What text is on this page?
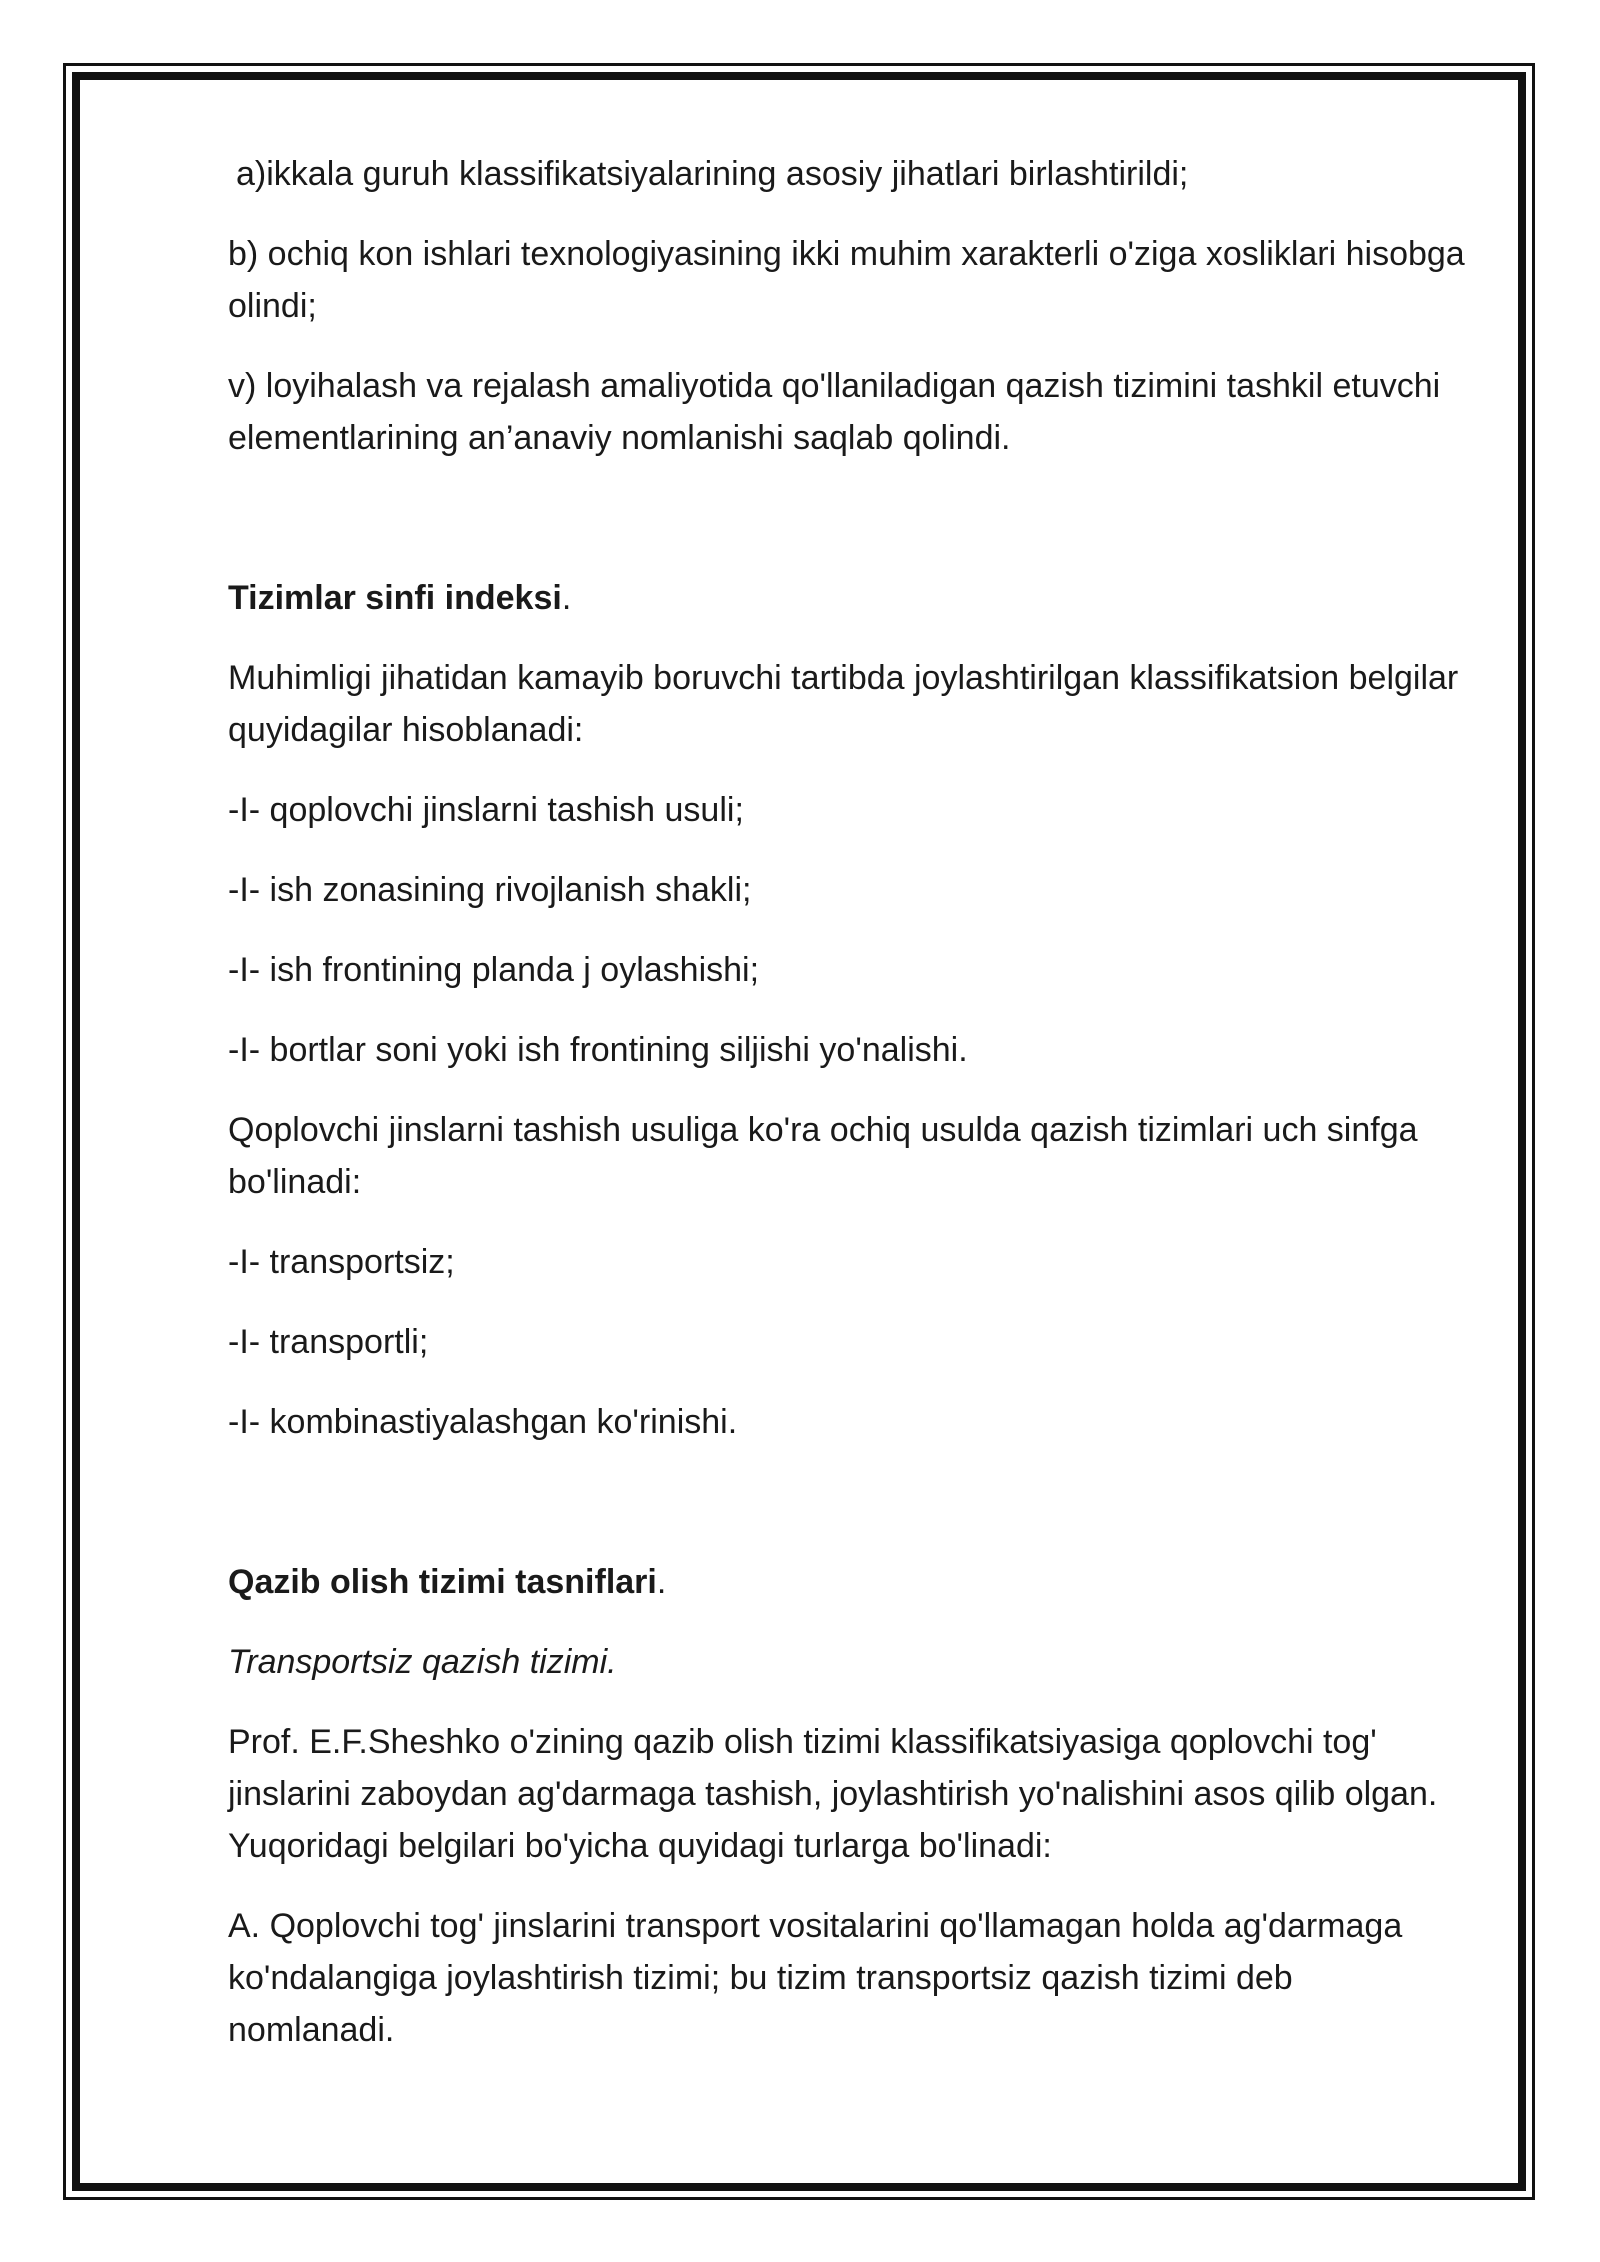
a)ikkala guruh klassifikatsiyalarining asosiy jihatlari birlashtirildi;

b) ochiq kon ishlari texnologiyasining ikki muhim xarakterli o'ziga xosliklari hisobga olindi;

v) loyihalash va rejalash amaliyotida qo'llaniladigan qazish tizimini tashkil etuvchi elementlarining an’anaviy nomlanishi saqlab qolindi.

Tizimlar sinfi indeksi.

Muhimligi jihatidan kamayib boruvchi tartibda joylashtirilgan klassifikatsion belgilar quyidagilar hisoblanadi:

-I- qoplovchi jinslarni tashish usuli;

-I- ish zonasining rivojlanish shakli;

-I- ish frontining planda j oylashishi;

-I- bortlar soni yoki ish frontining siljishi yo'nalishi.

Qoplovchi jinslarni tashish usuliga ko'ra ochiq usulda qazish tizimlari uch sinfga bo'linadi:

-I- transportsiz;

-I- transportli;

-I- kombinastiyalashgan ko'rinishi.

Qazib olish tizimi tasniflari.

Transportsiz qazish tizimi.

Prof. E.F.Sheshko o'zining qazib olish tizimi klassifikatsiyasiga qoplovchi tog' jinslarini zaboydan ag'darmaga tashish, joylashtirish yo'nalishini asos qilib olgan. Yuqoridagi belgilari bo'yicha quyidagi turlarga bo'linadi:

A. Qoplovchi tog' jinslarini transport vositalarini qo'llamagan holda ag'darmaga ko'ndalangiga joylashtirish tizimi; bu tizim transportsiz qazish tizimi deb nomlanadi.
